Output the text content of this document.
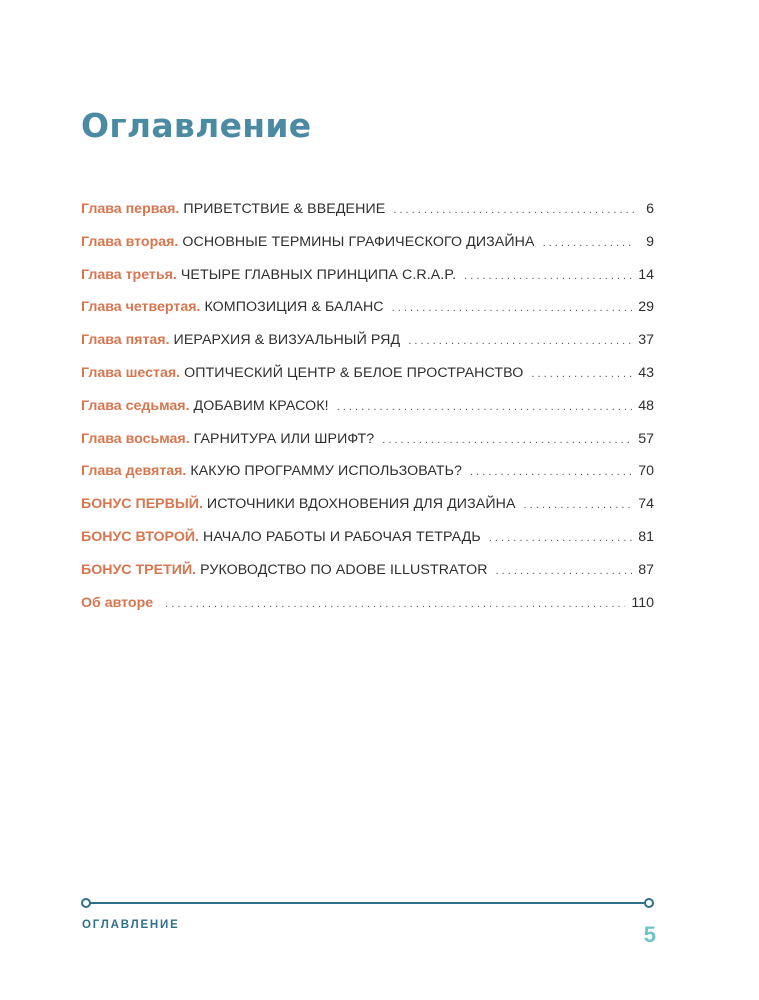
Оглавление
Глава первая. ПРИВЕТСТВИЕ & ВВЕДЕНИЕ . . .	6
Глава вторая. ОСНОВНЫЕ ТЕРМИНЫ ГРАФИЧЕСКОГО ДИЗАЙНА . . .	9
Глава третья. ЧЕТЫРЕ ГЛАВНЫХ ПРИНЦИПА C.R.A.P. . . .	14
Глава четвертая. КОМПОЗИЦИЯ & БАЛАНС . . .	29
Глава пятая. ИЕРАРХИЯ & ВИЗУАЛЬНЫЙ РЯД . . .	37
Глава шестая. ОПТИЧЕСКИЙ ЦЕНТР & БЕЛОЕ ПРОСТРАНСТВО . . .	43
Глава седьмая. ДОБАВИМ КРАСОК! . . .	48
Глава восьмая. ГАРНИТУРА ИЛИ ШРИФТ? . . .	57
Глава девятая. КАКУЮ ПРОГРАММУ ИСПОЛЬЗОВАТЬ? . . .	70
БОНУС ПЕРВЫЙ. ИСТОЧНИКИ ВДОХНОВЕНИЯ ДЛЯ ДИЗАЙНА . . .	74
БОНУС ВТОРОЙ. НАЧАЛО РАБОТЫ И РАБОЧАЯ ТЕТРАДЬ . . .	81
БОНУС ТРЕТИЙ. РУКОВОДСТВО ПО ADOBE ILLUSTRATOR . . .	87
Об авторе . . .	110
ОГЛАВЛЕНИЕ	5
